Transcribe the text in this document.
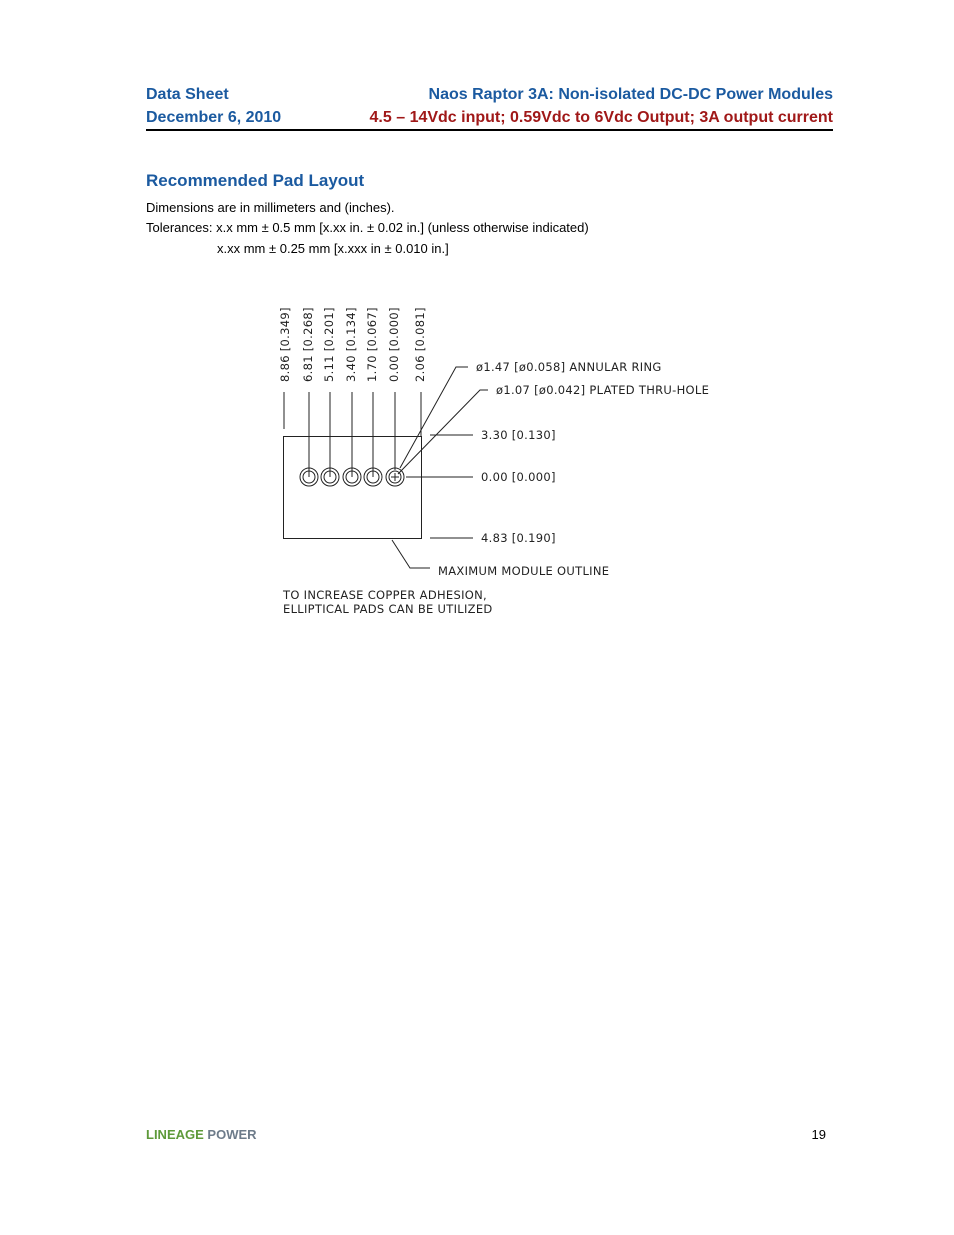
Data Sheet
December 6, 2010
Naos Raptor 3A: Non-isolated DC-DC Power Modules
4.5 – 14Vdc input; 0.59Vdc to 6Vdc Output; 3A output current
Recommended Pad Layout
Dimensions are in millimeters and (inches).
Tolerances: x.x mm ± 0.5 mm [x.xx in. ± 0.02 in.] (unless otherwise indicated)
x.xx mm ± 0.25 mm [x.xxx in ± 0.010 in.]
8.86 [0.349] 6.81 [0.268] 5.11 [0.201] 3.40 [0.134] 1.70 [0.067] 0.00 [0.000] 2.06 [0.081]	ø1.47 [ø0.058] ANNULAR RING
ø1.07 [ø0.042] PLATED THRU-HOLE
3.30 [0.130]
0.00 [0.000]
4.83 [0.190]
MAXIMUM MODULE OUTLINE
TO INCREASE COPPER ADHESION,
ELLIPTICAL PADS CAN BE UTILIZED
LINEAGE POWER	19
